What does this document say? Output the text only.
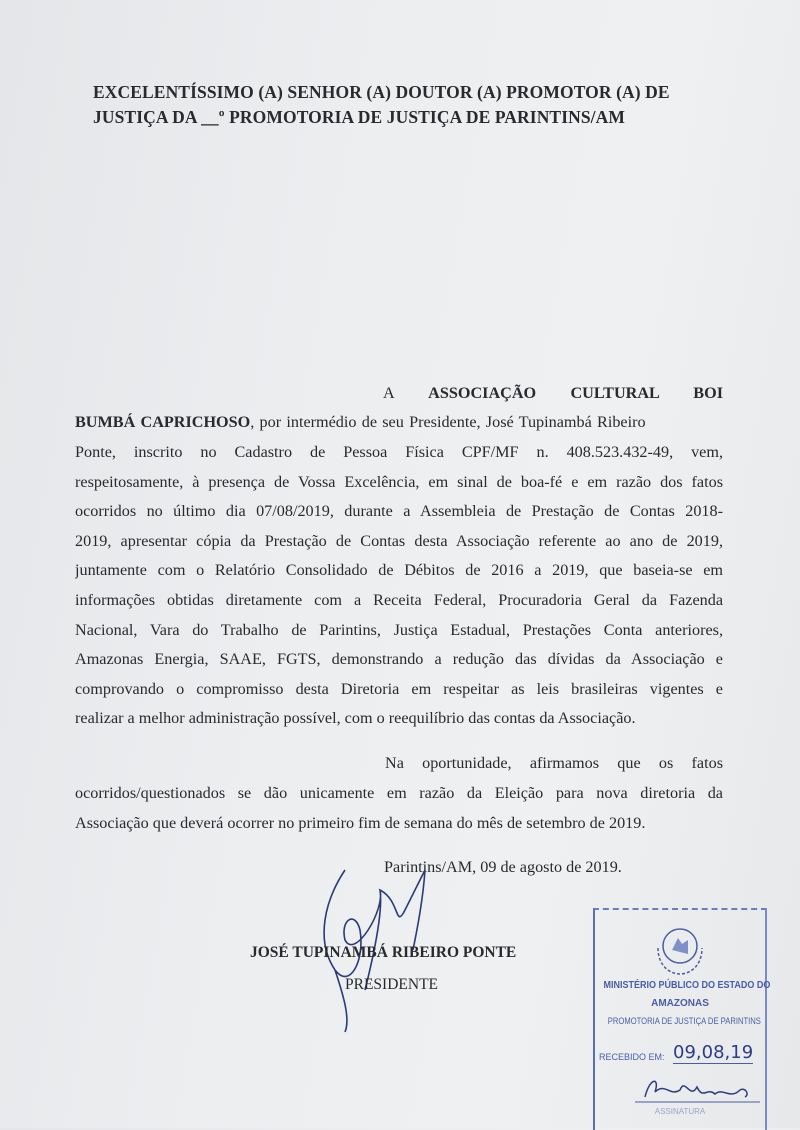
EXCELENTÍSSIMO (A) SENHOR (A) DOUTOR (A) PROMOTOR (A) DE
JUSTIÇA DA __º PROMOTORIA DE JUSTIÇA DE PARINTINS/AM
A ASSOCIAÇÃO CULTURAL BOI
BUMBÁ CAPRICHOSO, por intermédio de seu Presidente, José Tupinambá Ribeiro
Ponte, inscrito no Cadastro de Pessoa Física CPF/MF n. 408.523.432-49, vem,
respeitosamente, à presença de Vossa Excelência, em sinal de boa-fé e em razão dos fatos
ocorridos no último dia 07/08/2019, durante a Assembleia de Prestação de Contas 2018-
2019, apresentar cópia da Prestação de Contas desta Associação referente ao ano de 2019,
juntamente com o Relatório Consolidado de Débitos de 2016 a 2019, que baseia-se em
informações obtidas diretamente com a Receita Federal, Procuradoria Geral da Fazenda
Nacional, Vara do Trabalho de Parintins, Justiça Estadual, Prestações Conta anteriores,
Amazonas Energia, SAAE, FGTS, demonstrando a redução das dívidas da Associação e
comprovando o compromisso desta Diretoria em respeitar as leis brasileiras vigentes e
realizar a melhor administração possível, com o reequilíbrio das contas da Associação.
Na oportunidade, afirmamos que os fatos
ocorridos/questionados se dão unicamente em razão da Eleição para nova diretoria da
Associação que deverá ocorrer no primeiro fim de semana do mês de setembro de 2019.
Parintins/AM, 09 de agosto de 2019.
JOSÉ TUPINAMBÁ RIBEIRO PONTE
PRESIDENTE	MINISTÉRIO PÚBLICO DO ESTADO DO
AMAZONAS
PROMOTORIA DE JUSTIÇA DE PARINTINS
RECEBIDO EM: 09,08,19
ASSINATURA
